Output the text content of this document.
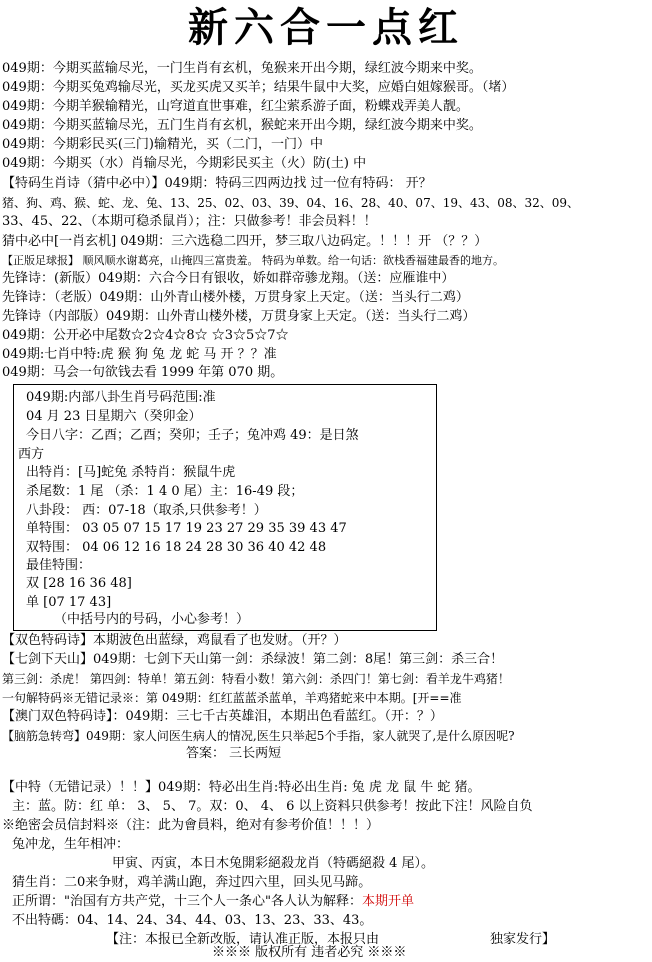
新六合一点红
049期：今期买蓝输尽光，一门生肖有玄机，兔猴来开出今期，绿红波今期来中奖。
049期：今期买兔鸡输尽光，买龙买虎又买羊；结果牛鼠中大奖，应婚白姐嫁猴哥。（堵）
049期：今期羊猴输精光，山穹道直世事难，红尘萦系游子面，粉蝶戏弄美人靓。
049期：今期买蓝输尽光，五门生肖有玄机，猴蛇来开出今期，绿红波今期来中奖。
049期：今期彩民买(三门)输精光，买（二门，一门）中
049期：今期买（水）肖输尽光，今期彩民买主（火）防(土) 中
【特码生肖诗（猜中必中）】049期：特码三四两边找 过一位有特码： 开？
猪、狗、鸡、猴、蛇、龙、兔、13、25、02、03、39、04、16、28、40、07、19、43、08、32、09、
33、45、22、（本期可稳杀鼠肖）；注：只做参考！非会员料！！
猜中必中[一肖玄机] 049期：三六选稳二四开，梦三取八边码定。！！！开 （？？）
【正版足球报】 顺风顺水谢葛亮，山掩四三富贵羞。 特码为单数。给一句话：欲栈香福建最香的地方。
先锋诗：(新版）049期：六合今日有银收，娇如群帝骖龙翔。（送：应雁谁中）
先锋诗：（老版）049期：山外青山楼外楼，万贯身家上天定。（送：当头行二鸡）
先锋诗（内部版）049期：山外青山楼外楼，万贯身家上天定。（送：当头行二鸡）
049期：公开必中尾数☆2☆4☆8☆ ☆3☆5☆7☆
049期:七肖中特:虎 猴 狗 兔 龙 蛇 马 开 ？？准
049期：马会一句欲钱去看 1999 年第 070 期。
049期:内部八卦生肖号码范围:准
04 月 23 日星期六（癸卯金）
今日八字：乙酉；乙酉；癸卯；壬子；兔冲鸡 49：是日煞
西方
出特肖：[马]蛇兔 杀特肖：猴鼠牛虎
杀尾数：1 尾 （杀：1 4 0 尾）主：16-49 段；
八卦段： 西：07-18（取杀,只供参考！）
单特围： 03 05 07 15 17 19 23 27 29 35 39 43 47
双特围： 04 06 12 16 18 24 28 30 36 40 42 48
最佳特围：
双 [28 16 36 48]
单 [07 17 43]
（中括号内的号码，小心参考！）
【双色特码诗】本期波色出蓝绿，鸡鼠看了也发财。（开？）
【七剑下天山】049期：七剑下天山第一剑：杀绿波！第二剑：8尾！第三剑：杀三合！
第三剑：杀虎！ 第四剑：特单！第五剑：特看小数！第六剑：杀四门！第七剑：看羊龙牛鸡猪！
一句解特码※无错记录※：第 049期：红红蓝蓝杀蓝单，羊鸡猪蛇来中本期。[开==准
【澳门双色特码诗】：049期：三七千古英雄泪，本期出色看蓝红。（开：？）
【脑筋急转弯】049期：家人问医生病人的情况,医生只举起5个手指，家人就哭了,是什么原因呢?
答案： 三长两短
【中特（无错记录）！！】049期：特必出生肖:特必出生肖: 兔 虎 龙 鼠 牛 蛇 猪。
主：蓝。防：红 单： 3、 5、 7。双：0、 4、 6 以上资料只供参考！按此下注！风险自负
※绝密会员信封料※（注：此为會員料，绝对有参考价值！！！）
兔冲龙，生年相冲：
甲寅、丙寅，本日木兔開彩絕殺龙肖（特碼絕殺 4 尾）。
猜生肖：二0来争财，鸡羊满山跑，奔过四六里，回头见马蹄。
正所谓："治国有方共产党，十三个人一条心"各人认为解释：本期开单
不出特碼：04、14、24、34、44、03、13、23、33、43。
【注：本报已全新改版，请认准正版，本报只由	独家发行】
※※※ 版权所有 违者必究 ※※※
